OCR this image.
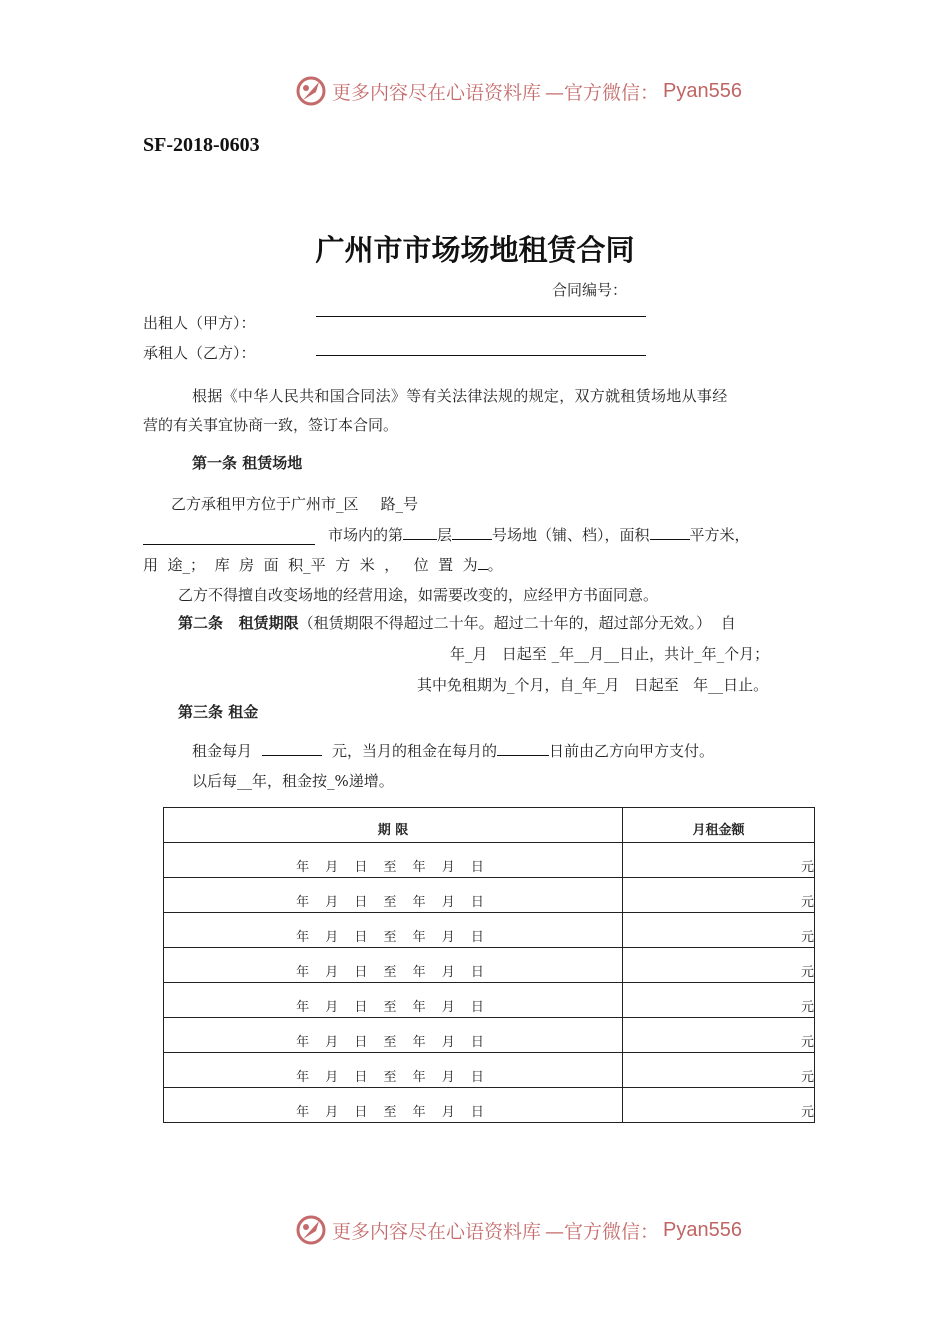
更多内容尽在心语资料库 —官方微信： Pyan556
SF-2018-0603
广州市市场场地租赁合同
合同编号：
出租人（甲方）：
承租人（乙方）：
根据《中华人民共和国合同法》等有关法律法规的规定，双方就租赁场地从事经
营的有关事宜协商一致，签订本合同。
第一条 租赁场地
乙方承租甲方位于广州市_区 路_号
市场内的第 层	号场地（铺、档），面积	平方米，
用  途_；  库  房  面  积_平  方  米  ，   位  置  为 。
乙方不得擅自改变场地的经营用途，如需要改变的，应经甲方书面同意。
第二条   租赁期限（租赁期限不得超过二十年。超过二十年的，超过部分无效。）  自
年_月   日起至 _年__月__日止，共计_年_个月；
其中免租期为_个月，自_年_月   日起至   年__日止。
第三条 租金
租金每月	元，当月的租金在每月的	日前由乙方向甲方支付。
以后每__年，租金按_%递增。
期 限	月租金额
年 月 日 至 年 月 日	元
年 月 日 至 年 月 日	元
年 月 日 至 年 月 日	元
年 月 日 至 年 月 日	元
年 月 日 至 年 月 日	元
年 月 日 至 年 月 日	元
年 月 日 至 年 月 日	元
年 月 日 至 年 月 日	元
更多内容尽在心语资料库 —官方微信： Pyan556
